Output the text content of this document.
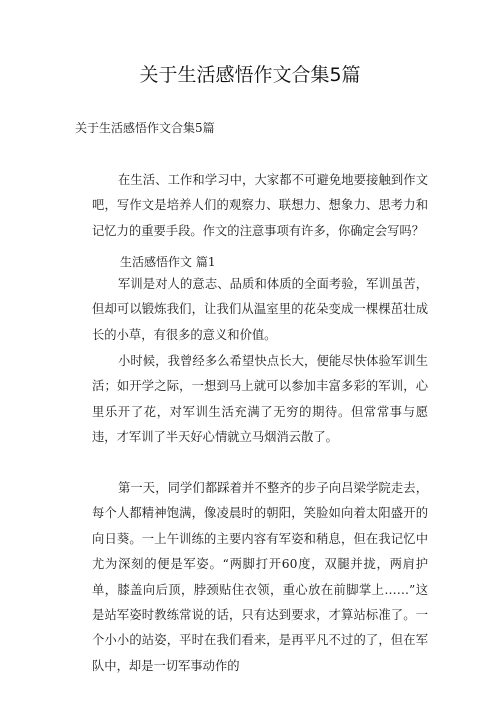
关于生活感悟作文合集5篇

关于生活感悟作文合集5篇

在生活、工作和学习中，大家都不可避免地要接触到作文吧，写作文是培养人们的观察力、联想力、想象力、思考力和记忆力的重要手段。作文的注意事项有许多，你确定会写吗？

生活感悟作文 篇1

军训是对人的意志、品质和体质的全面考验，军训虽苦，但却可以锻炼我们，让我们从温室里的花朵变成一棵棵茁壮成长的小草，有很多的意义和价值。

小时候，我曾经多么希望快点长大，便能尽快体验军训生活；如开学之际，一想到马上就可以参加丰富多彩的军训，心里乐开了花，对军训生活充满了无穷的期待。但常常事与愿违，才军训了半天好心情就立马烟消云散了。

第一天，同学们都踩着并不整齐的步子向吕梁学院走去，每个人都精神饱满，像凌晨时的朝阳，笑脸如向着太阳盛开的向日葵。一上午训练的主要内容有军姿和稍息，但在我记忆中尤为深刻的便是军姿。“两脚打开60度，双腿并拢，两肩护单，膝盖向后顶，脖颈贴住衣领，重心放在前脚掌上……”这是站军姿时教练常说的话，只有达到要求，才算站标准了。一个小小的站姿，平时在我们看来，是再平凡不过的了，但在军队中，却是一切军事动作的
